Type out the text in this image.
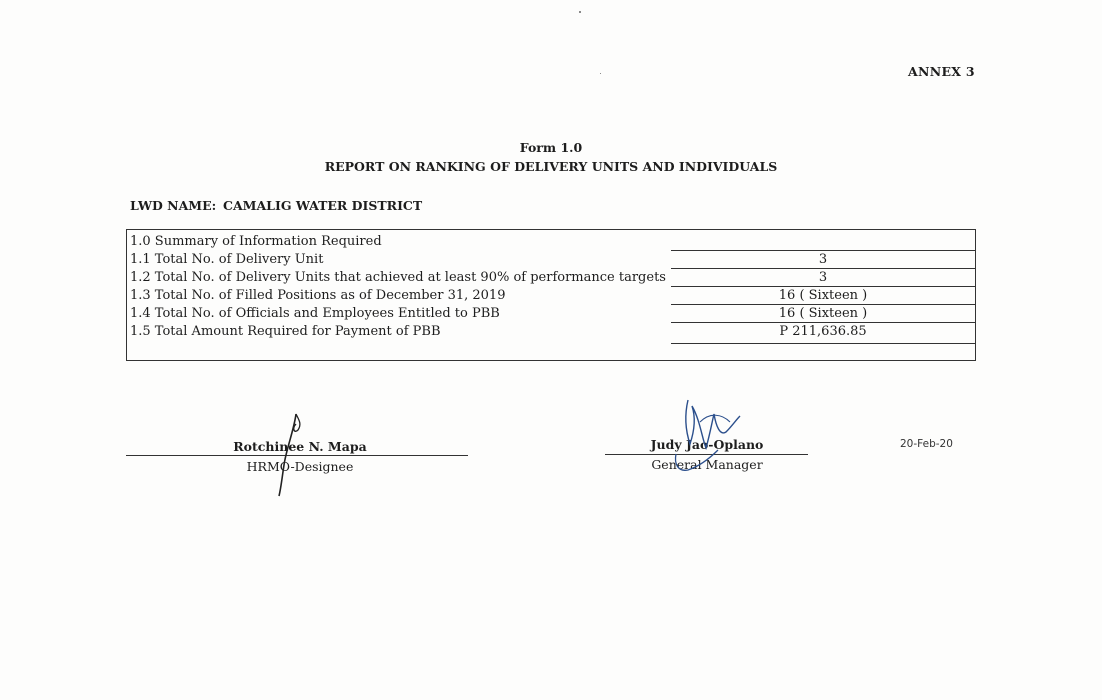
ANNEX 3
Form 1.0
REPORT ON RANKING OF DELIVERY UNITS AND INDIVIDUALS
LWD NAME: CAMALIG WATER DISTRICT
1.0 Summary of Information Required
1.1 Total No. of Delivery Unit	3
1.2 Total No. of Delivery Units that achieved at least 90% of performance targets	3
1.3 Total No. of Filled Positions as of December 31, 2019	16 ( Sixteen )
1.4 Total No. of Officials and Employees Entitled to PBB	16 ( Sixteen )
1.5 Total Amount Required for Payment of PBB	P 211,636.85
Rotchinee N. Mapa
HRMO-Designee
Judy Jao-Oplano
General Manager
20-Feb-20
